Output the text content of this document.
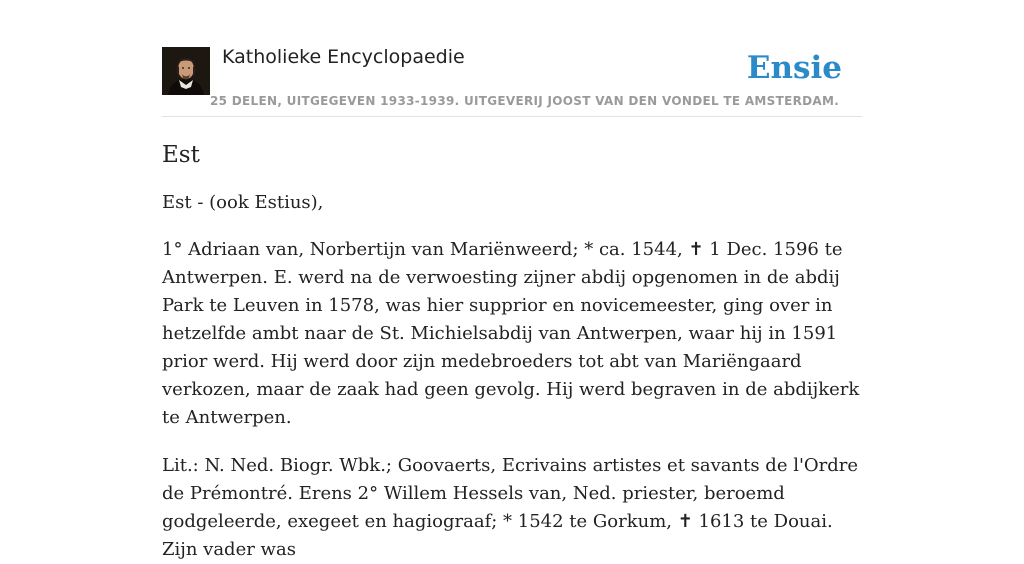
Katholieke Encyclopaedie
25 DELEN, UITGEGEVEN 1933-1939. UITGEVERIJ JOOST VAN DEN VONDEL TE AMSTERDAM.
Ensie
Est

Est - (ook Estius),

1° Adriaan van, Norbertijn van Mariënweerd; * ca. 1544, ✝ 1 Dec. 1596 te Antwerpen. E. werd na de verwoesting zijner abdij opgenomen in de abdij Park te Leuven in 1578, was hier supprior en novicemeester, ging over in hetzelfde ambt naar de St. Michielsabdij van Antwerpen, waar hij in 1591 prior werd. Hij werd door zijn medebroeders tot abt van Mariëngaard verkozen, maar de zaak had geen gevolg. Hij werd begraven in de abdijkerk te Antwerpen.

Lit.: N. Ned. Biogr. Wbk.; Goovaerts, Ecrivains artistes et savants de l'Ordre de Prémontré. Erens 2° Willem Hessels van, Ned. priester, beroemd godgeleerde, exegeet en hagiograaf; * 1542 te Gorkum, ✝ 1613 te Douai. Zijn vader was
